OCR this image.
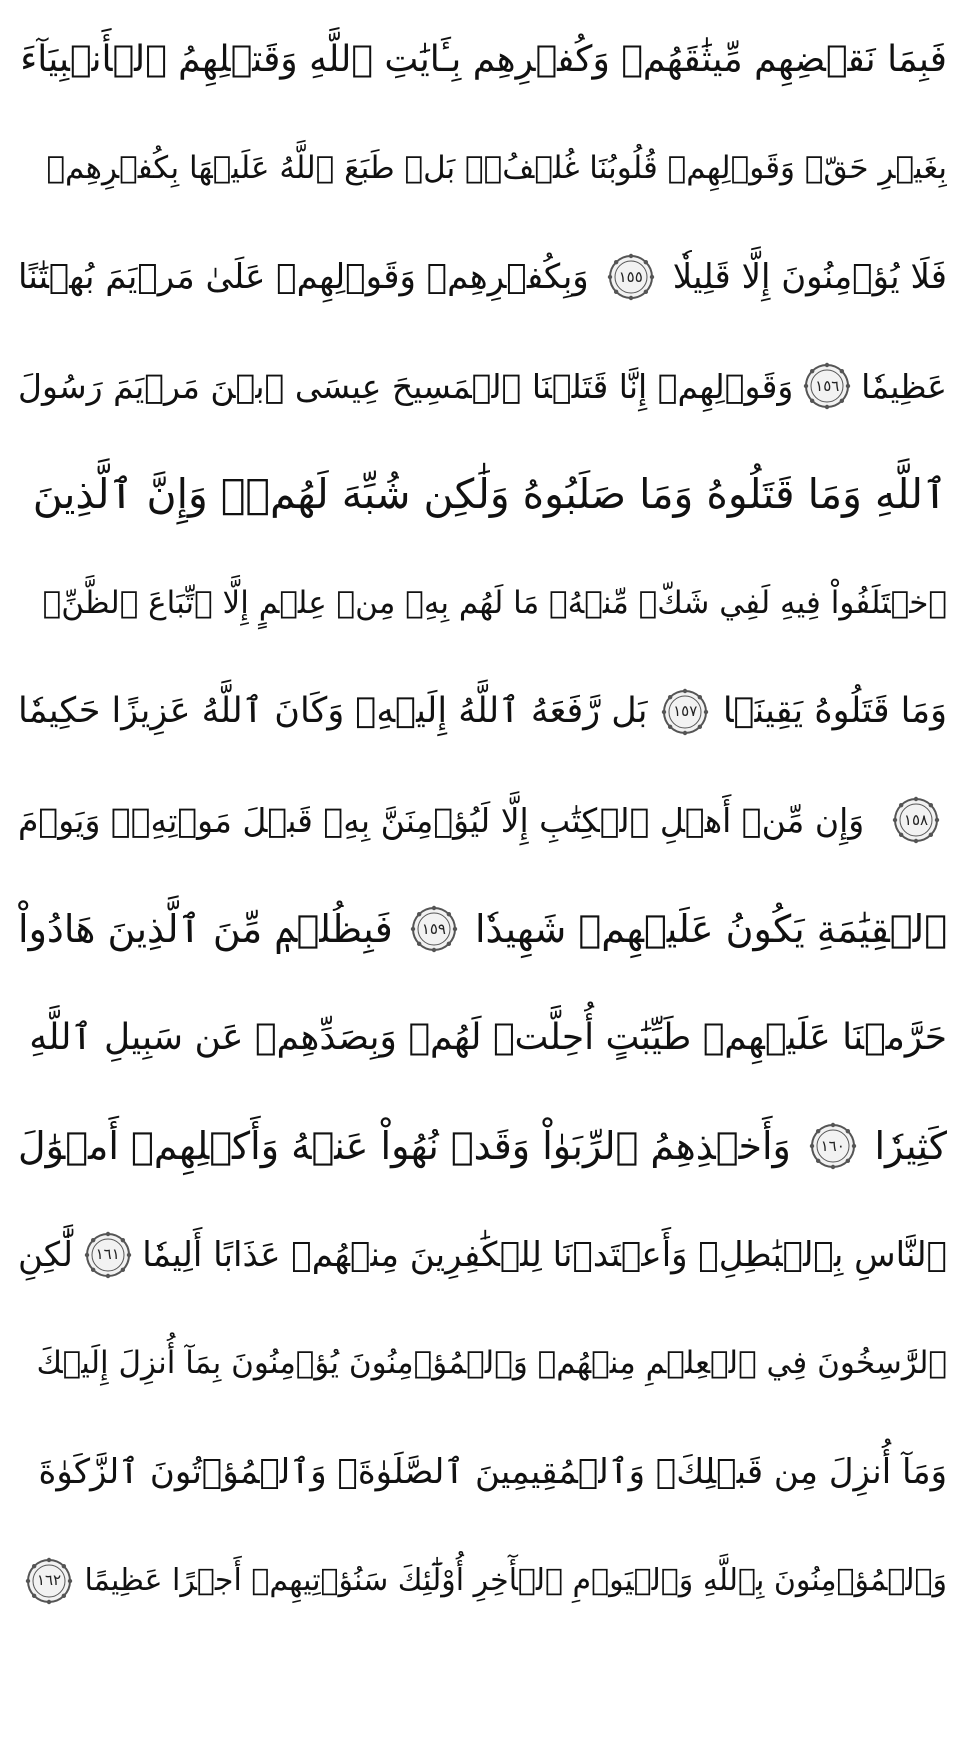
فَبِمَا نَقۡضِهِم مِّيثَٰقَهُمۡ وَكُفۡرِهِم بِـَٔايَٰتِ ٱللَّهِ وَقَتۡلِهِمُ ٱلۡأَنۢبِيَآءَ
بِغَيۡرِ حَقّٖ وَقَوۡلِهِمۡ قُلُوبُنَا غُلۡفُۢۚ بَلۡ طَبَعَ ٱللَّهُ عَلَيۡهَا بِكُفۡرِهِمۡ
فَلَا يُؤۡمِنُونَ إِلَّا قَلِيلٗا
١٥٥
وَبِكُفۡرِهِمۡ وَقَوۡلِهِمۡ عَلَىٰ مَرۡيَمَ بُهۡتَٰنًا
عَظِيمٗا
١٥٦
وَقَوۡلِهِمۡ إِنَّا قَتَلۡنَا ٱلۡمَسِيحَ عِيسَى ٱبۡنَ مَرۡيَمَ رَسُولَ
ٱللَّهِ وَمَا قَتَلُوهُ وَمَا صَلَبُوهُ وَلَٰكِن شُبِّهَ لَهُمۡۚ وَإِنَّ ٱلَّذِينَ
ٱخۡتَلَفُواْ فِيهِ لَفِي شَكّٖ مِّنۡهُۚ مَا لَهُم بِهِۦ مِنۡ عِلۡمٍ إِلَّا ٱتِّبَاعَ ٱلظَّنِّۚ
وَمَا قَتَلُوهُ يَقِينَۢا
١٥٧
بَل رَّفَعَهُ ٱللَّهُ إِلَيۡهِۚ وَكَانَ ٱللَّهُ عَزِيزًا حَكِيمٗا
١٥٨
وَإِن مِّنۡ أَهۡلِ ٱلۡكِتَٰبِ إِلَّا لَيُؤۡمِنَنَّ بِهِۦ قَبۡلَ مَوۡتِهِۦۖ وَيَوۡمَ
ٱلۡقِيَٰمَةِ يَكُونُ عَلَيۡهِمۡ شَهِيدٗا
١٥٩
فَبِظُلۡمٖ مِّنَ ٱلَّذِينَ هَادُواْ
حَرَّمۡنَا عَلَيۡهِمۡ طَيِّبَٰتٍ أُحِلَّتۡ لَهُمۡ وَبِصَدِّهِمۡ عَن سَبِيلِ ٱللَّهِ
كَثِيرٗا
١٦٠
وَأَخۡذِهِمُ ٱلرِّبَوٰاْ وَقَدۡ نُهُواْ عَنۡهُ وَأَكۡلِهِمۡ أَمۡوَٰلَ
ٱلنَّاسِ بِٱلۡبَٰطِلِۚ وَأَعۡتَدۡنَا لِلۡكَٰفِرِينَ مِنۡهُمۡ عَذَابًا أَلِيمٗا
١٦١
لَّٰكِنِ
ٱلرَّٰسِخُونَ فِي ٱلۡعِلۡمِ مِنۡهُمۡ وَٱلۡمُؤۡمِنُونَ يُؤۡمِنُونَ بِمَآ أُنزِلَ إِلَيۡكَ
وَمَآ أُنزِلَ مِن قَبۡلِكَۚ وَٱلۡمُقِيمِينَ ٱلصَّلَوٰةَۚ وَٱلۡمُؤۡتُونَ ٱلزَّكَوٰةَ
وَٱلۡمُؤۡمِنُونَ بِٱللَّهِ وَٱلۡيَوۡمِ ٱلۡأٓخِرِ أُوْلَٰٓئِكَ سَنُؤۡتِيهِمۡ أَجۡرًا عَظِيمًا
١٦٢
